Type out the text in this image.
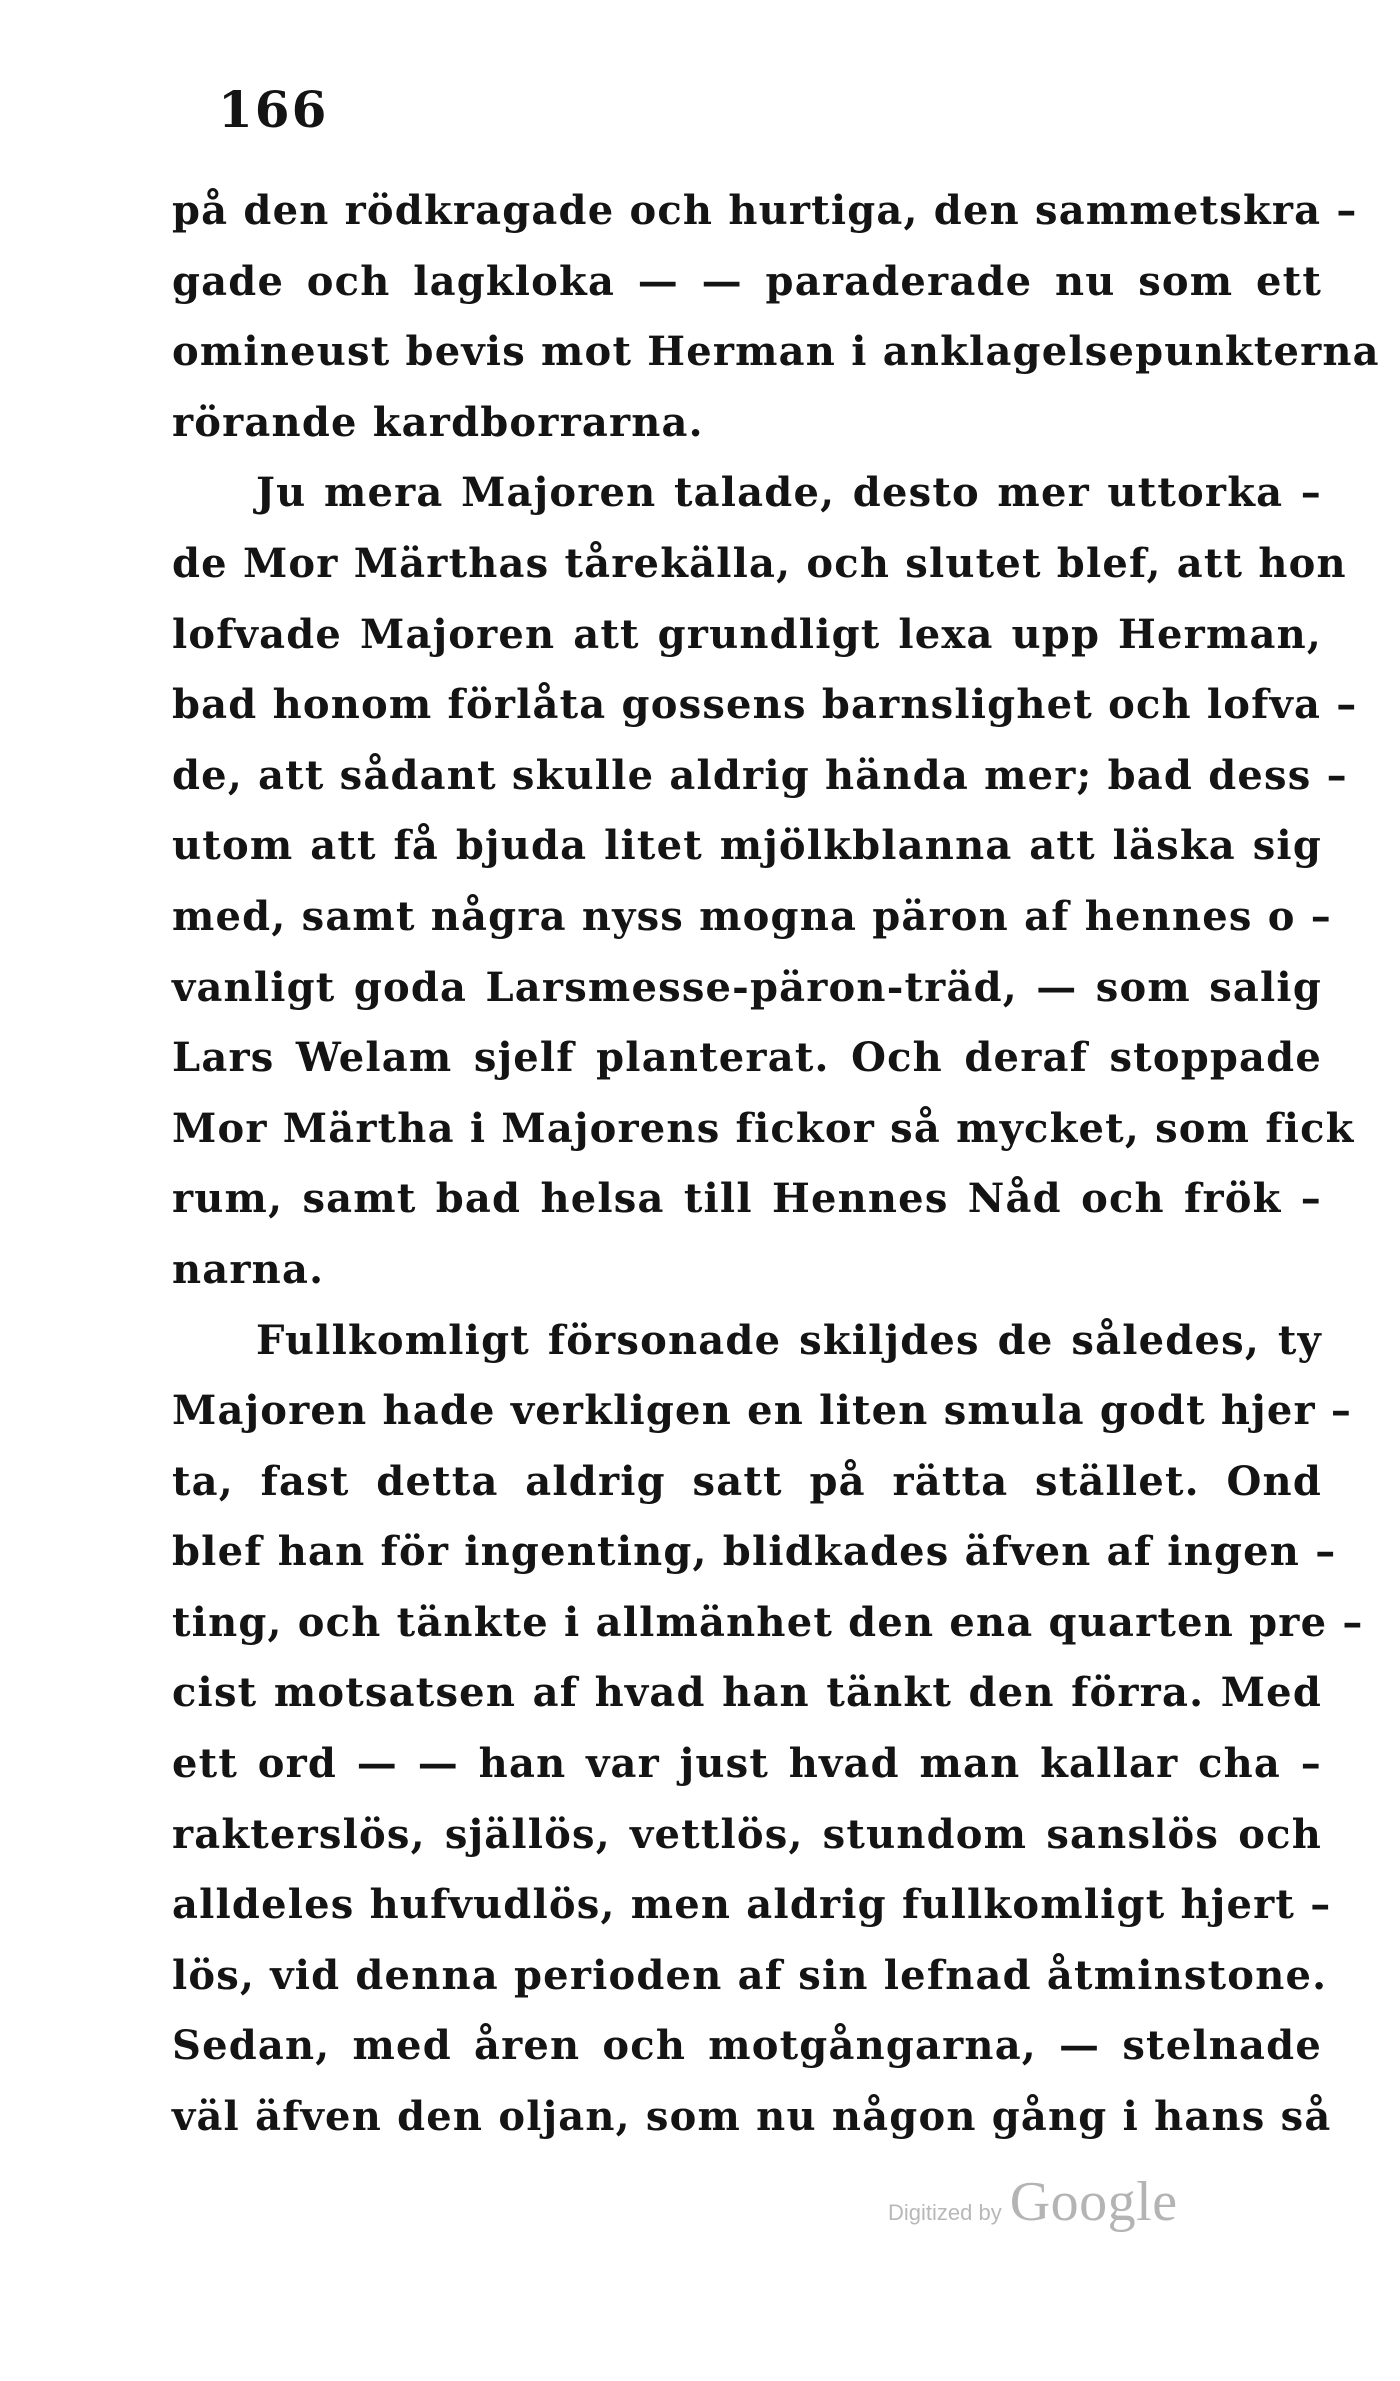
166
på den rödkragade och hurtiga, den sammetskra –
gade och lagkloka — — paraderade nu som ett
omineust bevis mot Herman i anklagelsepunkterna
rörande kardborrarna.
Ju mera Majoren talade, desto mer uttorka –
de Mor Märthas tårekälla, och slutet blef, att hon
lofvade Majoren att grundligt lexa upp Herman,
bad honom förlåta gossens barnslighet och lofva –
de, att sådant skulle aldrig hända mer; bad dess –
utom att få bjuda litet mjölkblanna att läska sig
med, samt några nyss mogna päron af hennes o –
vanligt goda Larsmesse-päron-träd, — som salig
Lars Welam sjelf planterat. Och deraf stoppade
Mor Märtha i Majorens fickor så mycket, som fick
rum, samt bad helsa till Hennes Nåd och frök –
narna.
Fullkomligt försonade skiljdes de således, ty
Majoren hade verkligen en liten smula godt hjer –
ta, fast detta aldrig satt på rätta stället. Ond
blef han för ingenting, blidkades äfven af ingen –
ting, och tänkte i allmänhet den ena quarten pre –
cist motsatsen af hvad han tänkt den förra. Med
ett ord — — han var just hvad man kallar cha –
rakterslös, själlös, vettlös, stundom sanslös och
alldeles hufvudlös, men aldrig fullkomligt hjert –
lös, vid denna perioden af sin lefnad åtminstone.
Sedan, med åren och motgångarna, — stelnade
väl äfven den oljan, som nu någon gång i hans så
Digitized by Google
